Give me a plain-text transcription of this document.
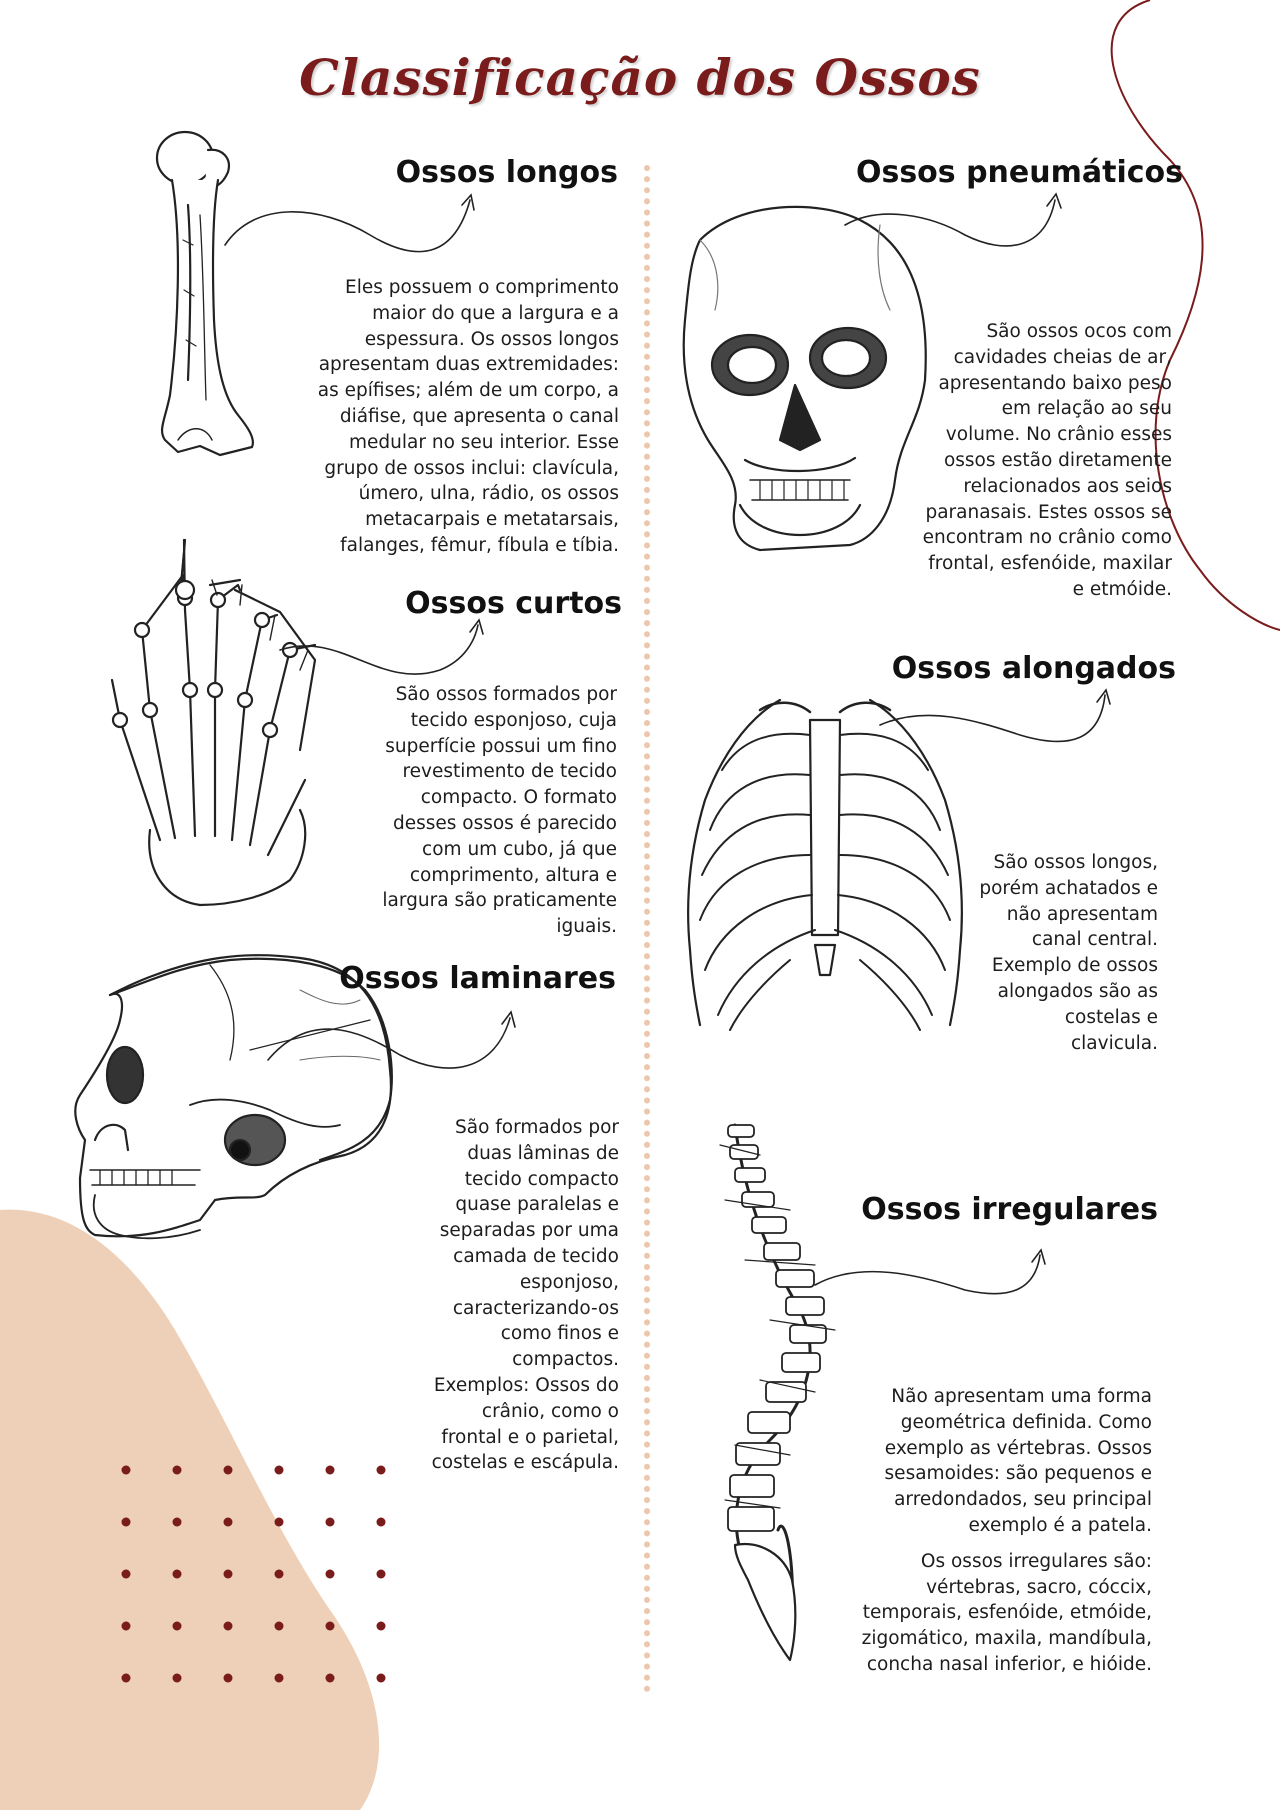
Classificação dos Ossos
Ossos longos
Eles possuem o comprimento maior do que a largura e a espessura. Os ossos longos apresentam duas extremidades: as epífises; além de um corpo, a diáfise, que apresenta o canal medular no seu interior. Esse grupo de ossos inclui: clavícula, úmero, ulna, rádio, os ossos metacarpais e metatarsais, falanges, fêmur, fíbula e tíbia.
Ossos curtos
São ossos formados por tecido esponjoso, cuja superfície possui um fino revestimento de tecido compacto. O formato desses ossos é parecido com um cubo, já que comprimento, altura e largura são praticamente iguais.
Ossos laminares
São formados por duas lâminas de tecido compacto quase paralelas e separadas por uma camada de tecido esponjoso, caracterizando-os como finos e compactos. Exemplos: Ossos do crânio, como o frontal e o parietal, costelas e escápula.
Ossos pneumáticos
São ossos ocos com cavidades cheias de ar, apresentando baixo peso em relação ao seu volume. No crânio esses ossos estão diretamente relacionados aos seios paranasais. Estes ossos se encontram no crânio como frontal, esfenóide, maxilar e etmóide.
Ossos alongados
São ossos longos, porém achatados e não apresentam canal central. Exemplo de ossos alongados são as costelas e clavicula.
Ossos irregulares
Não apresentam uma forma geométrica definida. Como exemplo as vértebras. Ossos sesamoides: são pequenos e arredondados, seu principal exemplo é a patela.
Os ossos irregulares são: vértebras, sacro, cóccix, temporais, esfenóide, etmóide, zigomático, maxila, mandíbula, concha nasal inferior, e hióide.
